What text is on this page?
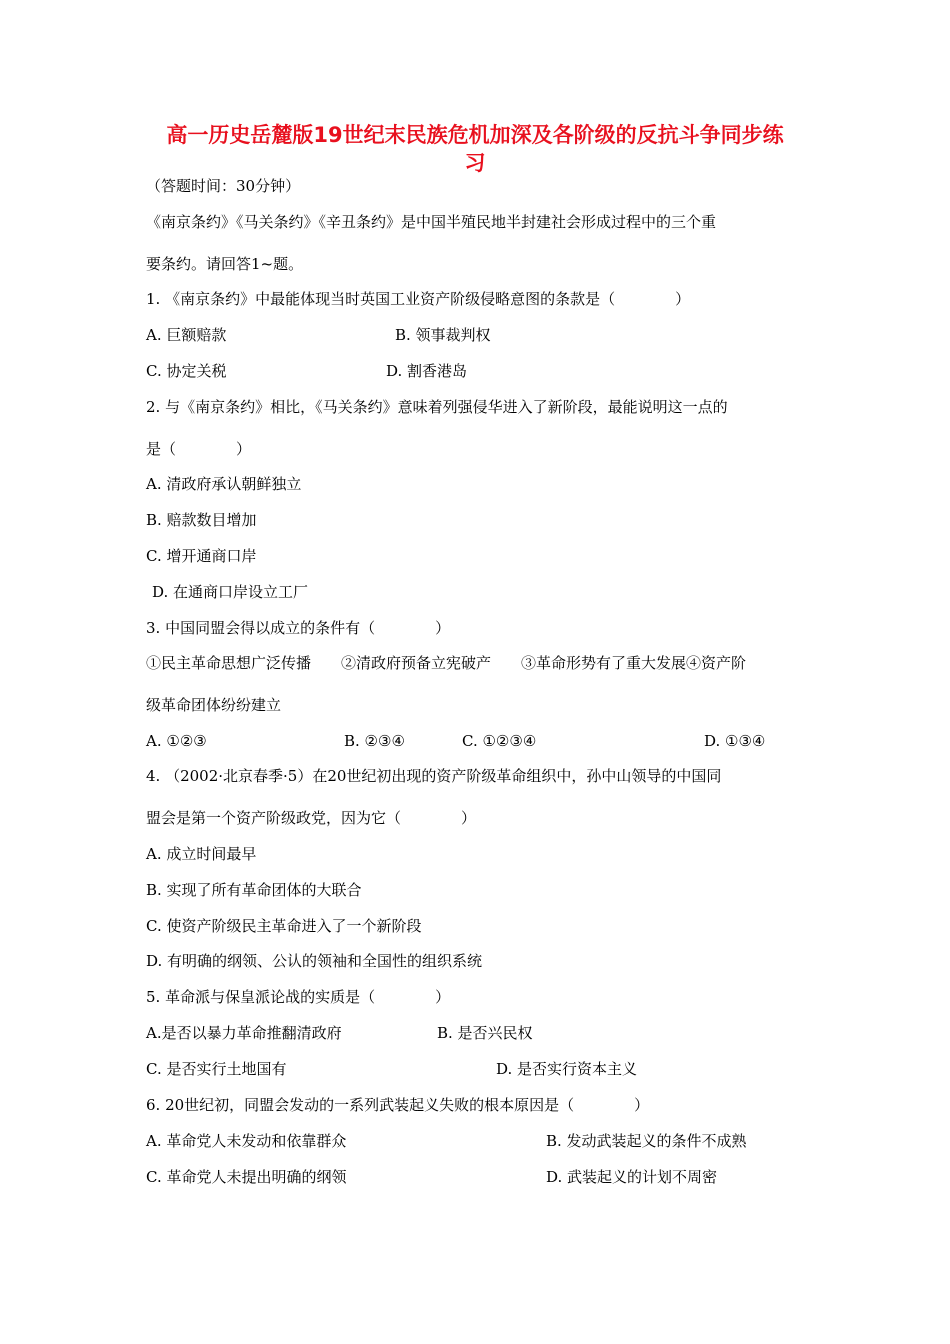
高一历史岳麓版19世纪末民族危机加深及各阶级的反抗斗争同步练
习
（答题时间：30分钟）
《南京条约》《马关条约》《辛丑条约》是中国半殖民地半封建社会形成过程中的三个重
要条约。请回答1~题。
1. 《南京条约》中最能体现当时英国工业资产阶级侵略意图的条款是（　　　　）
A. 巨额赔款	B. 领事裁判权
C. 协定关税	D. 割香港岛
2. 与《南京条约》相比，《马关条约》意味着列强侵华进入了新阶段，最能说明这一点的
是（　　　　）
A. 清政府承认朝鲜独立
B. 赔款数目增加
C. 增开通商口岸
D. 在通商口岸设立工厂
3. 中国同盟会得以成立的条件有（　　　　）
①民主革命思想广泛传播　　②清政府预备立宪破产　　③革命形势有了重大发展④资产阶
级革命团体纷纷建立
A. ①②③	B. ②③④	C. ①②③④	D. ①③④
4. （2002·北京春季·5）在20世纪初出现的资产阶级革命组织中，孙中山领导的中国同
盟会是第一个资产阶级政党，因为它（　　　　）
A. 成立时间最早
B. 实现了所有革命团体的大联合
C. 使资产阶级民主革命进入了一个新阶段
D. 有明确的纲领、公认的领袖和全国性的组织系统
5. 革命派与保皇派论战的实质是（　　　　）
A.是否以暴力革命推翻清政府	B. 是否兴民权
C. 是否实行土地国有	D. 是否实行资本主义
6. 20世纪初，同盟会发动的一系列武装起义失败的根本原因是（　　　　）
A. 革命党人未发动和依靠群众	B. 发动武装起义的条件不成熟
C. 革命党人未提出明确的纲领	D. 武装起义的计划不周密
